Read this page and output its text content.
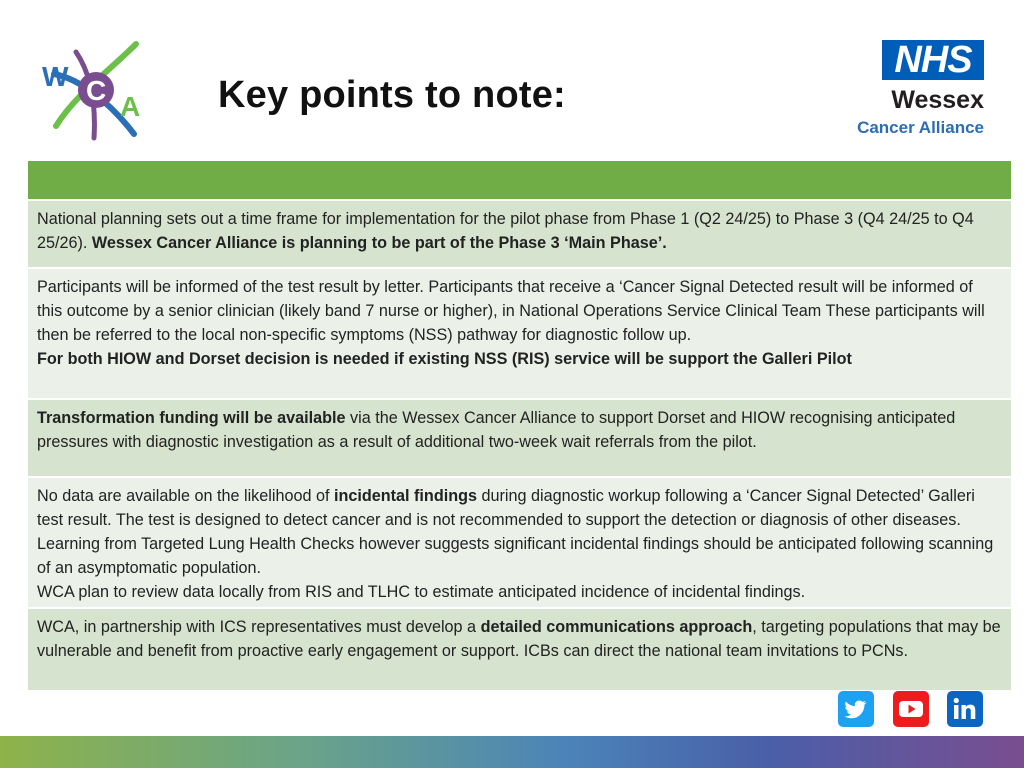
W C
A Key points to note:
NHS
Wessex
Cancer Alliance
National planning sets out a time frame for implementation for the pilot phase from Phase 1 (Q2 24/25) to Phase 3 (Q4 24/25 to Q4 25/26). Wessex Cancer Alliance is planning to be part of the Phase 3 ‘Main Phase’.
Participants will be informed of the test result by letter. Participants that receive a ‘Cancer Signal Detected result will be informed of this outcome by a senior clinician (likely band 7 nurse or higher), in National Operations Service Clinical Team These participants will then be referred to the local non-specific symptoms (NSS) pathway for diagnostic follow up.
For both HIOW and Dorset decision is needed if existing NSS (RIS) service will be support the Galleri Pilot
Transformation funding will be available via the Wessex Cancer Alliance to support Dorset and HIOW recognising anticipated pressures with diagnostic investigation as a result of additional two-week wait referrals from the pilot.
No data are available on the likelihood of incidental findings during diagnostic workup following a ‘Cancer Signal Detected’ Galleri test result. The test is designed to detect cancer and is not recommended to support the detection or diagnosis of other diseases. Learning from Targeted Lung Health Checks however suggests significant incidental findings should be anticipated following scanning of an asymptomatic population.
WCA plan to review data locally from RIS and TLHC to estimate anticipated incidence of incidental findings.
WCA, in partnership with ICS representatives must develop a detailed communications approach, targeting populations that may be vulnerable and benefit from proactive early engagement or support. ICBs can direct the national team invitations to PCNs.
